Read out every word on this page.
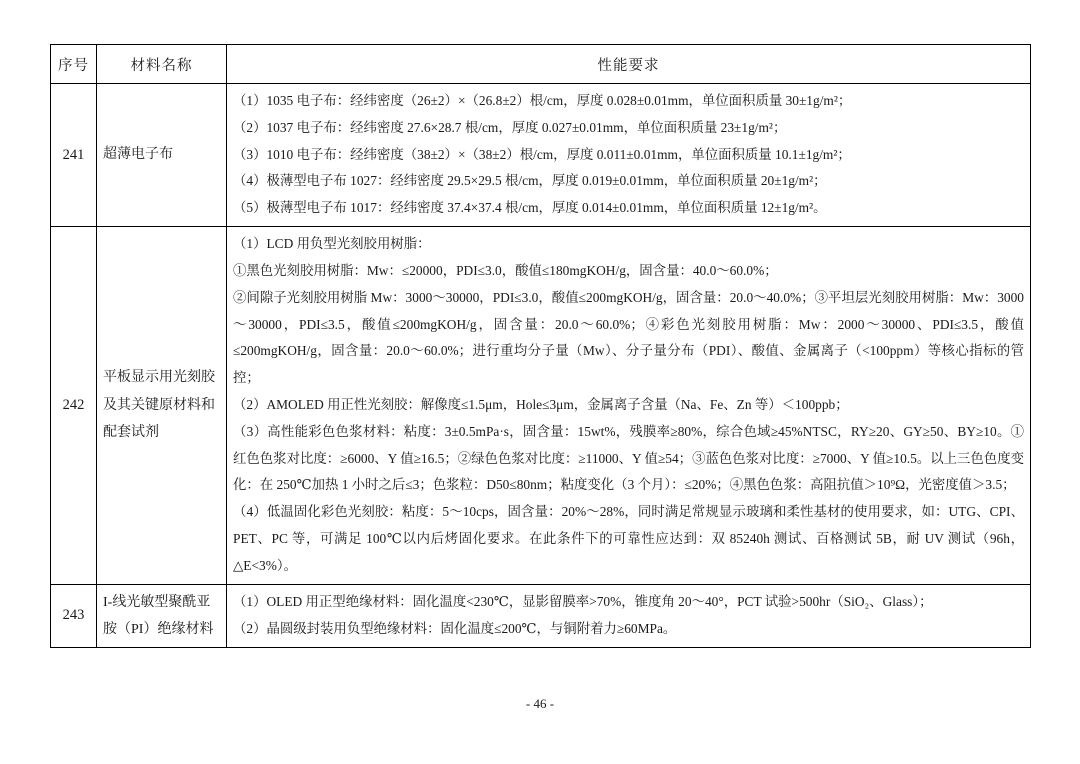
序号	材料名称	性能要求
241	超薄电子布	（1）1035 电子布：经纬密度（26±2）×（26.8±2）根/cm，厚度 0.028±0.01mm，单位面积质量 30±1g/m²；
（2）1037 电子布：经纬密度 27.6×28.7 根/cm，厚度 0.027±0.01mm，单位面积质量 23±1g/m²；
（3）1010 电子布：经纬密度（38±2）×（38±2）根/cm，厚度 0.011±0.01mm，单位面积质量 10.1±1g/m²；
（4）极薄型电子布 1027：经纬密度 29.5×29.5 根/cm，厚度 0.019±0.01mm，单位面积质量 20±1g/m²；
（5）极薄型电子布 1017：经纬密度 37.4×37.4 根/cm，厚度 0.014±0.01mm，单位面积质量 12±1g/m²。

242	平板显示用光刻胶及其关键原材料和配套试剂	
（1）LCD 用负型光刻胶用树脂：
①黑色光刻胶用树脂：Mw：≤20000，PDI≤3.0，酸值≤180mgKOH/g，固含量：40.0～60.0%；
②间隙子光刻胶用树脂 Mw：3000～30000，PDI≤3.0，酸值≤200mgKOH/g，固含量：20.0～40.0%；③平坦层光刻胶用树脂：Mw：3000～30000，PDI≤3.5，酸值≤200mgKOH/g，固含量：20.0～60.0%；④彩色光刻胶用树脂：Mw：2000～30000、PDI≤3.5，酸值≤200mgKOH/g，固含量：20.0～60.0%；进行重均分子量（Mw）、分子量分布（PDI）、酸值、金属离子（<100ppm）等核心指标的管控；
（2）AMOLED 用正性光刻胶：解像度≤1.5μm，Hole≤3μm，金属离子含量（Na、Fe、Zn 等）＜100ppb；
（3）高性能彩色色浆材料：粘度：3±0.5mPa·s，固含量：15wt%，残膜率≥80%，综合色域≥45%NTSC，RY≥20、GY≥50、BY≥10。①红色色浆对比度：≥6000、Y 值≥16.5；②绿色色浆对比度：≥11000、Y 值≥54；③蓝色色浆对比度：≥7000、Y 值≥10.5。以上三色色度变化：在 250℃加热 1 小时之后≤3；色浆粒：D50≤80nm；粘度变化（3 个月）：≤20%；④黑色色浆：高阻抗值＞10⁹Ω，光密度值＞3.5；
（4）低温固化彩色光刻胶：粘度：5～10cps，固含量：20%～28%，同时满足常规显示玻璃和柔性基材的使用要求，如：UTG、CPI、PET、PC 等，可满足 100℃以内后烤固化要求。在此条件下的可靠性应达到：双 85240h 测试、百格测试 5B，耐 UV 测试（96h，△E<3%）。

243	I-线光敏型聚酰亚胺（PI）绝缘材料	（1）OLED 用正型绝缘材料：固化温度<230℃，显影留膜率>70%，锥度角 20～40°，PCT 试验>500hr（SiO₂、Glass）；
（2）晶圆级封装用负型绝缘材料：固化温度≤200℃，与铜附着力≥60MPa。
- 46 -
